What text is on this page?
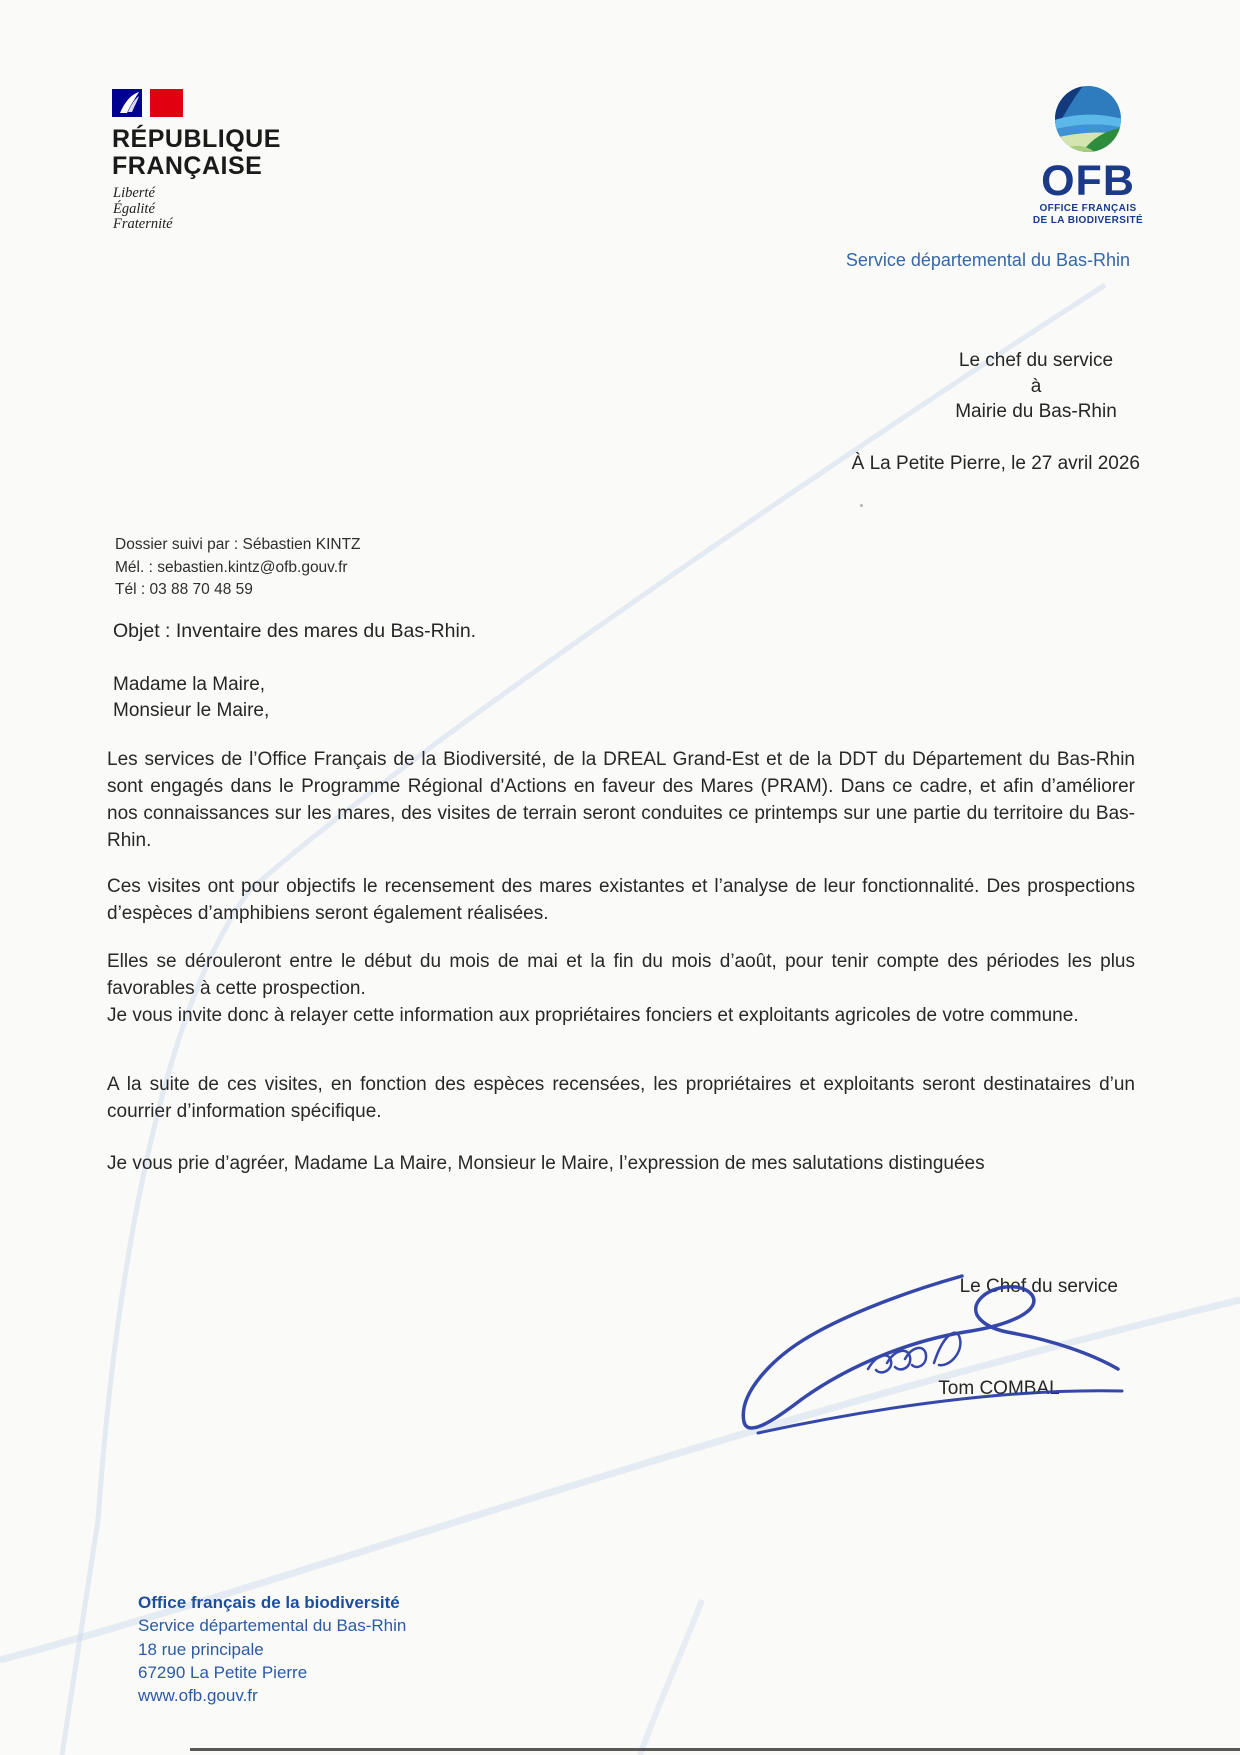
RÉPUBLIQUE
FRANÇAISE
Liberté
Égalité
Fraternité
OFB
OFFICE FRANÇAIS
DE LA BIODIVERSITÉ
Service départemental du Bas-Rhin
Le chef du service
à
Mairie du Bas-Rhin
À La Petite Pierre, le 27 avril 2026
Dossier suivi par : Sébastien KINTZ
Mél. : sebastien.kintz@ofb.gouv.fr
Tél : 03 88 70 48 59
Objet : Inventaire des mares du Bas-Rhin.
Madame la Maire,
Monsieur le Maire,
Les services de l’Office Français de la Biodiversité, de la DREAL Grand-Est et de la DDT du Département du Bas-Rhin sont engagés dans le Programme Régional d'Actions en faveur des Mares (PRAM). Dans ce cadre, et afin d’améliorer nos connaissances sur les mares, des visites de terrain seront conduites ce printemps sur une partie du territoire du Bas-Rhin.
Ces visites ont pour objectifs le recensement des mares existantes et l’analyse de leur fonctionnalité. Des prospections d’espèces d’amphibiens seront également réalisées.
Elles se dérouleront entre le début du mois de mai et la fin du mois d’août, pour tenir compte des périodes les plus favorables à cette prospection.
Je vous invite donc à relayer cette information aux propriétaires fonciers et exploitants agricoles de votre commune.
A la suite de ces visites, en fonction des espèces recensées, les propriétaires et exploitants seront destinataires d’un courrier d’information spécifique.
Je vous prie d’agréer, Madame La Maire, Monsieur le Maire, l’expression de mes salutations distinguées
Le Chef du service
Tom COMBAL
Office français de la biodiversité
Service départemental du Bas-Rhin
18 rue principale
67290 La Petite Pierre
www.ofb.gouv.fr
